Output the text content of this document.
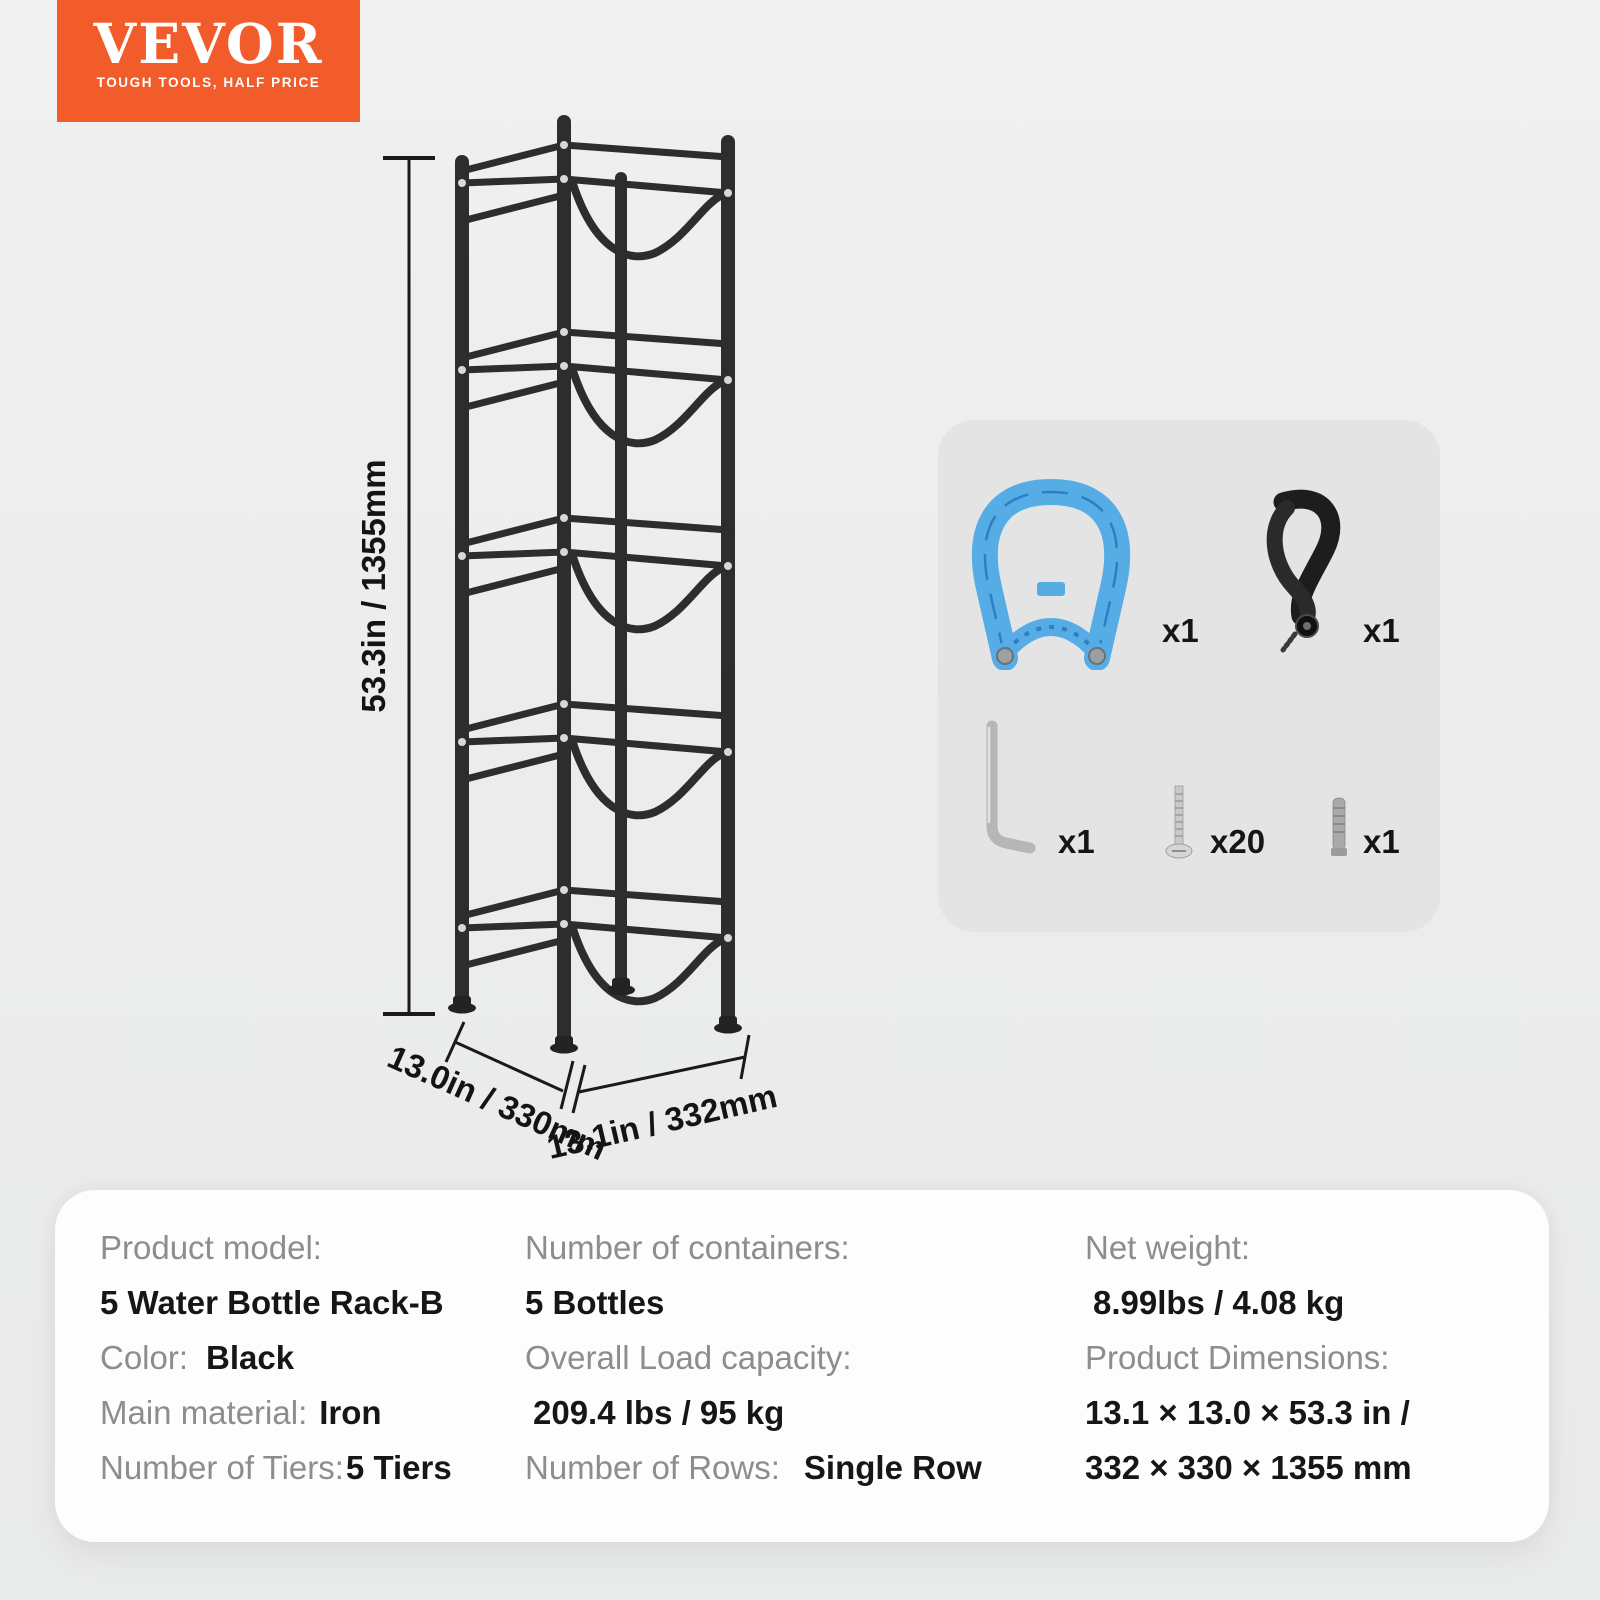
VEVOR
TOUGH TOOLS, HALF PRICE
53.3in / 1355mm
13.0in / 330mm
13.1in / 332mm
x1	x1
x1	x20	x1
Product model:
5 Water Bottle Rack-B
Color: Black
Main material: Iron
Number of Tiers:5 Tiers
Number of containers:
5 Bottles
Overall Load capacity:
209.4 lbs / 95 kg
Number of Rows: Single Row
Net weight:
8.99lbs / 4.08 kg
Product Dimensions:
13.1 × 13.0 × 53.3 in /
332 × 330 × 1355 mm
